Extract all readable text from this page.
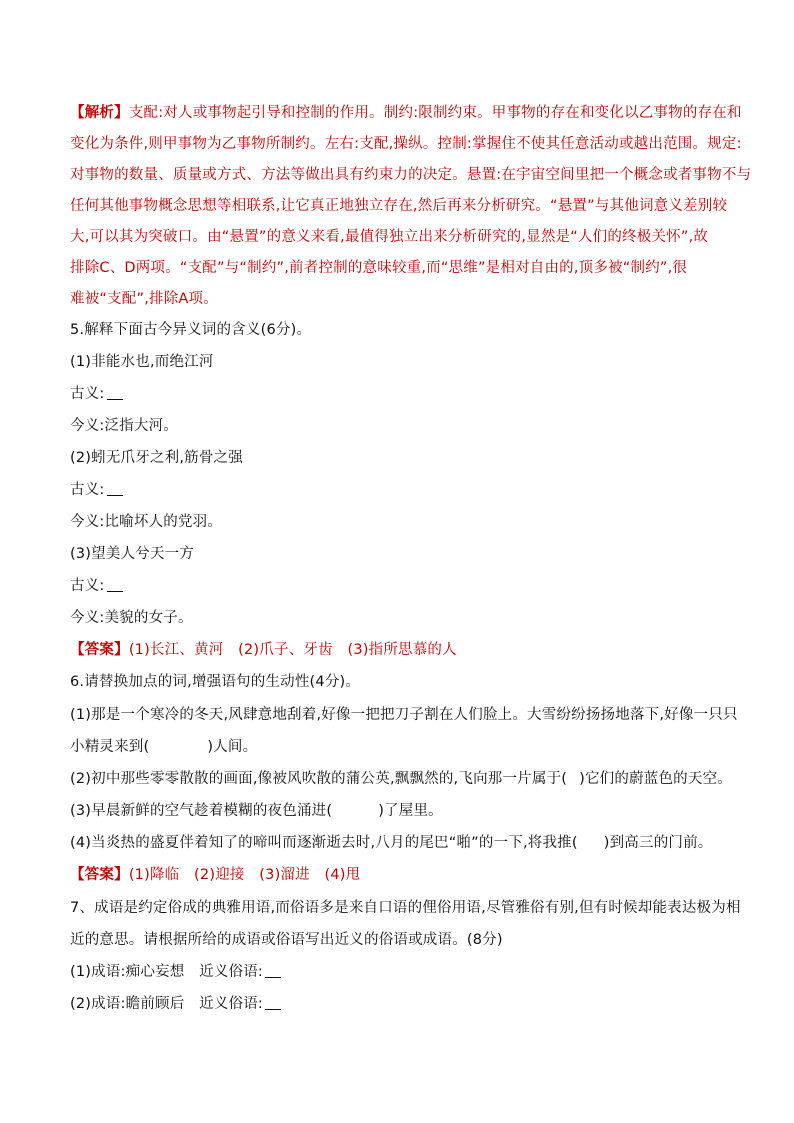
【解析】支配:对人或事物起引导和控制的作用。制约:限制约束。甲事物的存在和变化以乙事物的存在和
变化为条件,则甲事物为乙事物所制约。左右:支配,操纵。控制:掌握住不使其任意活动或越出范围。规定:
对事物的数量、质量或方式、方法等做出具有约束力的决定。悬置:在宇宙空间里把一个概念或者事物不与
任何其他事物概念思想等相联系,让它真正地独立存在,然后再来分析研究。“悬置”与其他词意义差别较
大,可以其为突破口。由“悬置”的意义来看,最值得独立出来分析研究的,显然是“人们的终极关怀”,故
排除C、D两项。“支配”与“制约”,前者控制的意味较重,而“思维”是相对自由的,顶多被“制约”,很
难被“支配”,排除A项。
5.解释下面古今异义词的含义(6分)。
(1)非能水也,而绝江河
古义:
今义:泛指大河。
(2)蚓无爪牙之利,筋骨之强
古义:
今义:比喻坏人的党羽。
(3)望美人兮天一方
古义:
今义:美貌的女子。
【答案】(1)长江、黄河　(2)爪子、牙齿　(3)指所思慕的人
6.请替换加点的词,增强语句的生动性(4分)。
(1)那是一个寒冷的冬天,风肆意地刮着,好像一把把刀子割在人们脸上。大雪纷纷扬扬地落下,好像一只只
小精灵来到(	)人间。
(2)初中那些零零散散的画面,像被风吹散的蒲公英,飘飘然的,飞向那一片属于( )它们的蔚蓝色的天空。
(3)早晨新鲜的空气趁着模糊的夜色涌进(	)了屋里。
(4)当炎热的盛夏伴着知了的啼叫而逐渐逝去时,八月的尾巴“啪”的一下,将我推( )到高三的门前。
【答案】(1)降临　(2)迎接　(3)溜进　(4)甩
7、成语是约定俗成的典雅用语,而俗语多是来自口语的俚俗用语,尽管雅俗有别,但有时候却能表达极为相
近的意思。请根据所给的成语或俗语写出近义的俗语或成语。(8分)
(1)成语:痴心妄想　近义俗语:
(2)成语:瞻前顾后　近义俗语:
